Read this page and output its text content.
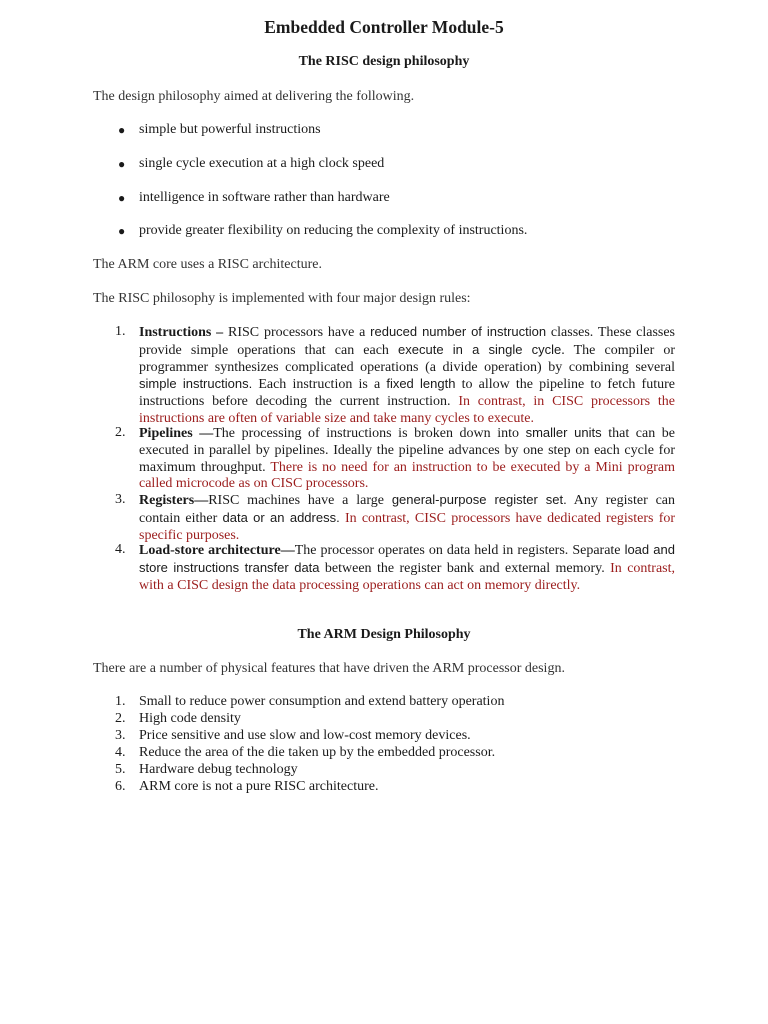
Embedded Controller Module-5
The RISC design philosophy
The design philosophy aimed at delivering the following.
● simple but powerful instructions
● single cycle execution at a high clock speed
● intelligence in software rather than hardware
● provide greater flexibility on reducing the complexity of instructions.
The ARM core uses a RISC architecture.
The RISC philosophy is implemented with four major design rules:
1. Instructions – RISC processors have a reduced number of instruction classes. These classes provide simple operations that can each execute in a single cycle. The compiler or programmer synthesizes complicated operations (a divide operation) by combining several simple instructions. Each instruction is a fixed length to allow the pipeline to fetch future instructions before decoding the current instruction. In contrast, in CISC processors the instructions are often of variable size and take many cycles to execute.
2. Pipelines —The processing of instructions is broken down into smaller units that can be executed in parallel by pipelines. Ideally the pipeline advances by one step on each cycle for maximum throughput. There is no need for an instruction to be executed by a Mini program called microcode as on CISC processors.
3. Registers—RISC machines have a large general-purpose register set. Any register can contain either data or an address. In contrast, CISC processors have dedicated registers for specific purposes.
4. Load-store architecture—The processor operates on data held in registers. Separate load and store instructions transfer data between the register bank and external memory. In contrast, with a CISC design the data processing operations can act on memory directly.
The ARM Design Philosophy
There are a number of physical features that have driven the ARM processor design.
1. Small to reduce power consumption and extend battery operation
2. High code density
3. Price sensitive and use slow and low-cost memory devices.
4. Reduce the area of the die taken up by the embedded processor.
5. Hardware debug technology
6. ARM core is not a pure RISC architecture.
